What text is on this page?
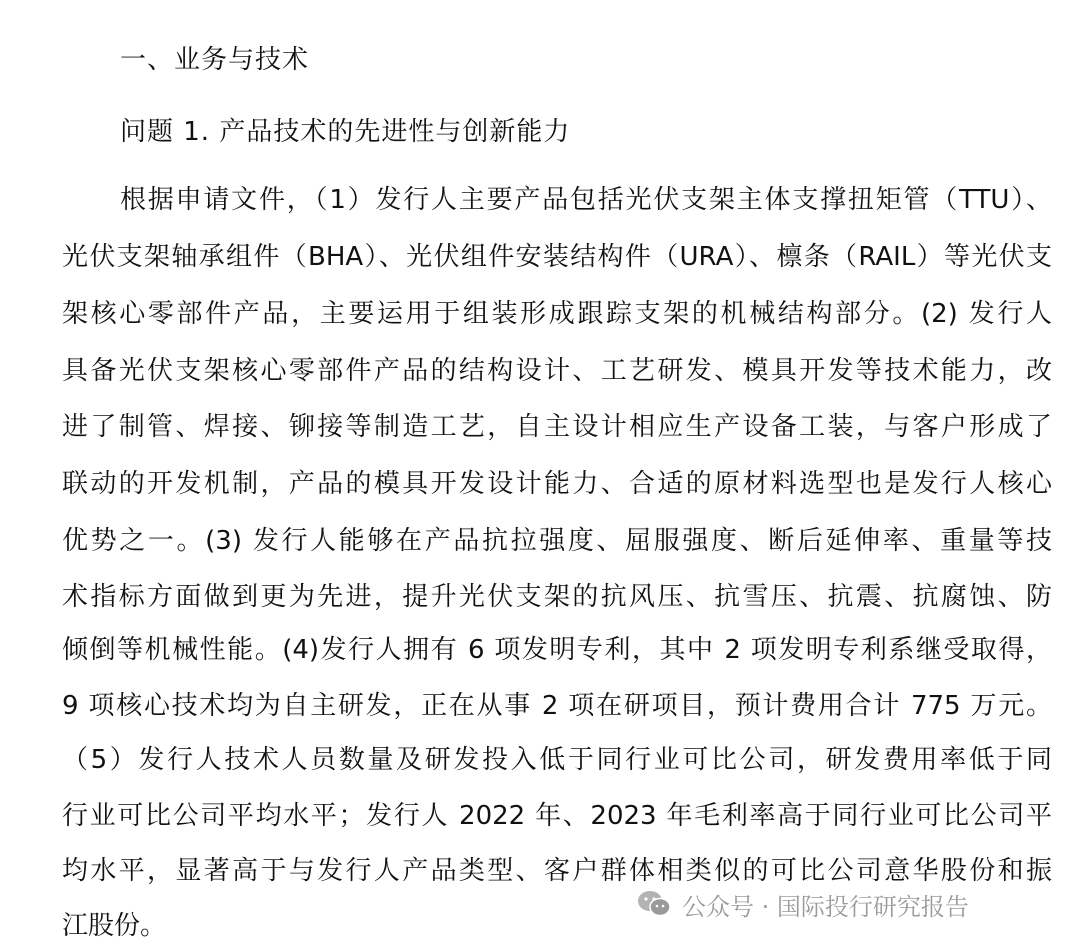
一、业务与技术
问题 1. 产品技术的先进性与创新能力
根据申请文件，（1）发行人主要产品包括光伏支架主体支撑扭矩管（TTU）、
光伏支架轴承组件（BHA）、光伏组件安装结构件（URA）、檩条（RAIL）等光伏支
架核心零部件产品，主要运用于组装形成跟踪支架的机械结构部分。(2) 发行人
具备光伏支架核心零部件产品的结构设计、工艺研发、模具开发等技术能力，改
进了制管、焊接、铆接等制造工艺，自主设计相应生产设备工装，与客户形成了
联动的开发机制，产品的模具开发设计能力、合适的原材料选型也是发行人核心
优势之一。(3) 发行人能够在产品抗拉强度、屈服强度、断后延伸率、重量等技
术指标方面做到更为先进，提升光伏支架的抗风压、抗雪压、抗震、抗腐蚀、防
倾倒等机械性能。(4)发行人拥有 6 项发明专利，其中 2 项发明专利系继受取得，
9 项核心技术均为自主研发，正在从事 2 项在研项目，预计费用合计 775 万元。
（5）发行人技术人员数量及研发投入低于同行业可比公司，研发费用率低于同
行业可比公司平均水平；发行人 2022 年、2023 年毛利率高于同行业可比公司平
均水平，显著高于与发行人产品类型、客户群体相类似的可比公司意华股份和振
江股份。
公众号 · 国际投行研究报告
